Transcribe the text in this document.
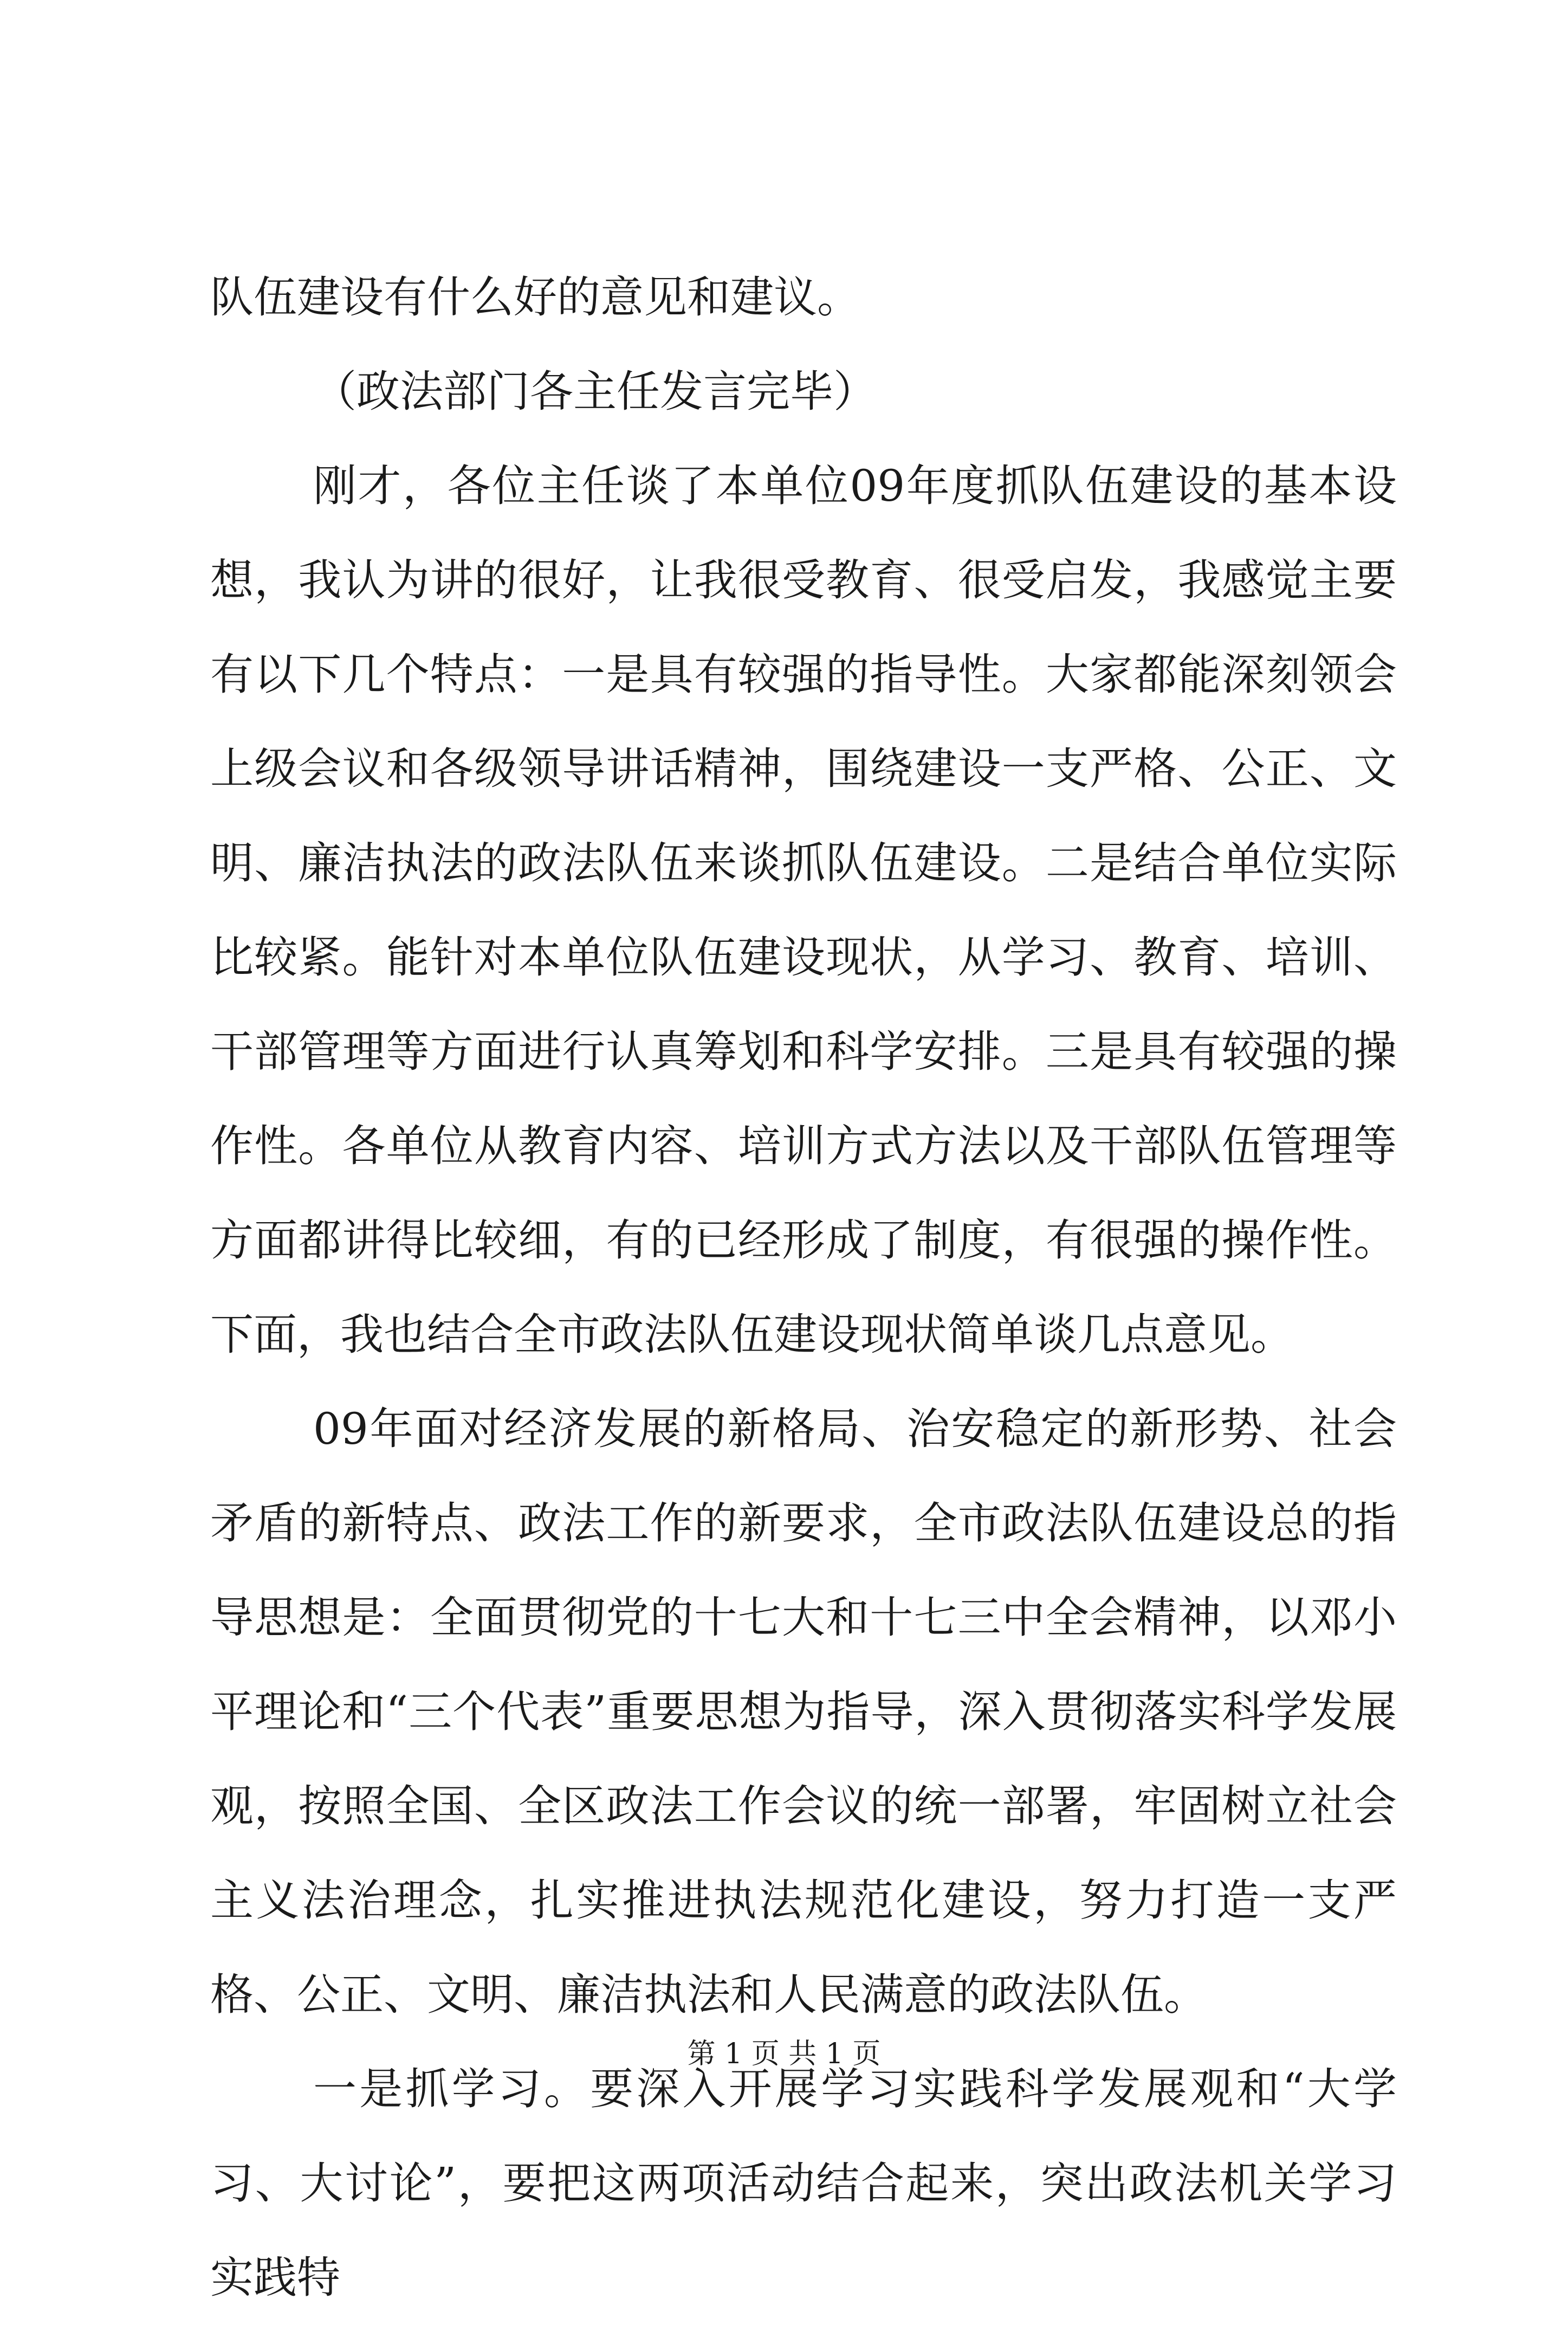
队伍建设有什么好的意见和建议。

（政法部门各主任发言完毕）

刚才，各位主任谈了本单位09年度抓队伍建设的基本设想，我认为讲的很好，让我很受教育、很受启发，我感觉主要有以下几个特点：一是具有较强的指导性。大家都能深刻领会上级会议和各级领导讲话精神，围绕建设一支严格、公正、文明、廉洁执法的政法队伍来谈抓队伍建设。二是结合单位实际比较紧。能针对本单位队伍建设现状，从学习、教育、培训、干部管理等方面进行认真筹划和科学安排。三是具有较强的操作性。各单位从教育内容、培训方式方法以及干部队伍管理等方面都讲得比较细，有的已经形成了制度，有很强的操作性。下面，我也结合全市政法队伍建设现状简单谈几点意见。

09年面对经济发展的新格局、治安稳定的新形势、社会矛盾的新特点、政法工作的新要求，全市政法队伍建设总的指导思想是：全面贯彻党的十七大和十七三中全会精神，以邓小平理论和“三个代表”重要思想为指导，深入贯彻落实科学发展观，按照全国、全区政法工作会议的统一部署，牢固树立社会主义法治理念，扎实推进执法规范化建设，努力打造一支严格、公正、文明、廉洁执法和人民满意的政法队伍。

一是抓学习。要深入开展学习实践科学发展观和“大学习、大讨论”，要把这两项活动结合起来，突出政法机关学习实践特

第 1 页 共 1 页
